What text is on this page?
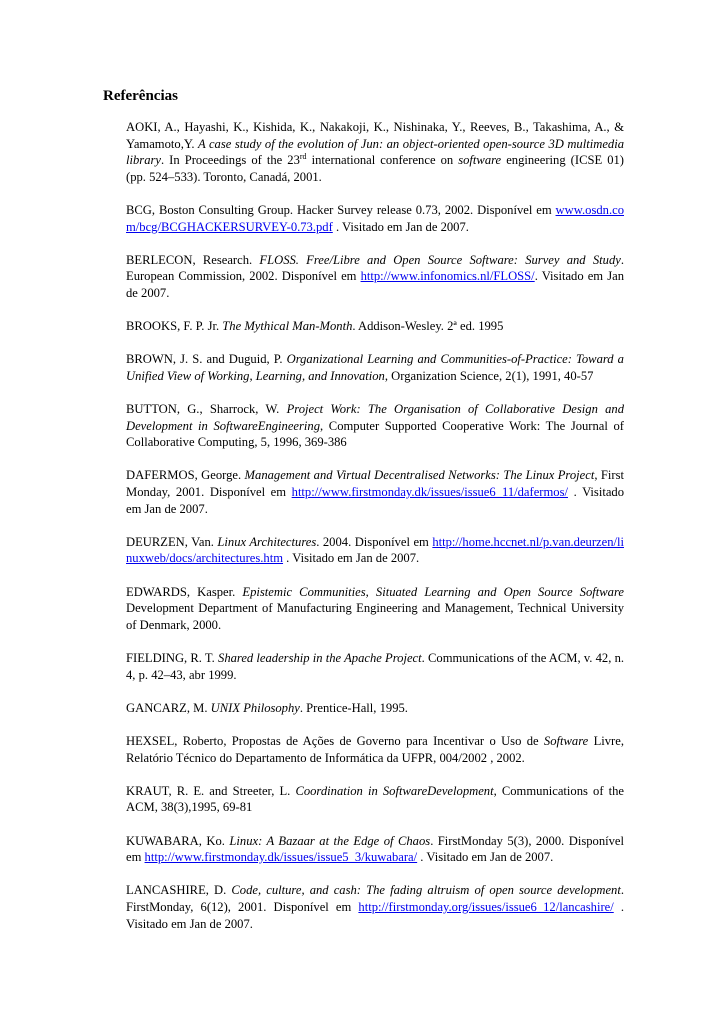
Referências

AOKI, A., Hayashi, K., Kishida, K., Nakakoji, K., Nishinaka, Y., Reeves, B., Takashima, A., & Yamamoto,Y. A case study of the evolution of Jun: an object-oriented open-source 3D multimedia library. In Proceedings of the 23rd international conference on software engineering (ICSE 01) (pp. 524–533). Toronto, Canadá, 2001.

BCG, Boston Consulting Group. Hacker Survey release 0.73, 2002. Disponível em www.osdn.com/bcg/BCGHACKERSURVEY-0.73.pdf . Visitado em Jan de 2007.

BERLECON, Research. FLOSS. Free/Libre and Open Source Software: Survey and Study. European Commission, 2002. Disponível em http://www.infonomics.nl/FLOSS/. Visitado em Jan de 2007.

BROOKS, F. P. Jr. The Mythical Man-Month. Addison-Wesley. 2ª ed. 1995

BROWN, J. S. and Duguid, P. Organizational Learning and Communities-of-Practice: Toward a Unified View of Working, Learning, and Innovation, Organization Science, 2(1), 1991, 40-57

BUTTON, G., Sharrock, W. Project Work: The Organisation of Collaborative Design and Development in SoftwareEngineering, Computer Supported Cooperative Work: The Journal of Collaborative Computing, 5, 1996, 369-386

DAFERMOS, George. Management and Virtual Decentralised Networks: The Linux Project, First Monday, 2001. Disponível em http://www.firstmonday.dk/issues/issue6_11/dafermos/ . Visitado em Jan de 2007.

DEURZEN, Van. Linux Architectures. 2004. Disponível em http://home.hccnet.nl/p.van.deurzen/linuxweb/docs/architectures.htm . Visitado em Jan de 2007.

EDWARDS, Kasper. Epistemic Communities, Situated Learning and Open Source Software Development Department of Manufacturing Engineering and Management, Technical University of Denmark, 2000.

FIELDING, R. T. Shared leadership in the Apache Project. Communications of the ACM, v. 42, n. 4, p. 42–43, abr 1999.

GANCARZ, M. UNIX Philosophy. Prentice-Hall, 1995.

HEXSEL, Roberto, Propostas de Ações de Governo para Incentivar o Uso de Software Livre, Relatório Técnico do Departamento de Informática da UFPR, 004/2002 , 2002.

KRAUT, R. E. and Streeter, L. Coordination in SoftwareDevelopment, Communications of the ACM, 38(3),1995, 69-81

KUWABARA, Ko. Linux: A Bazaar at the Edge of Chaos. FirstMonday 5(3), 2000. Disponível em http://www.firstmonday.dk/issues/issue5_3/kuwabara/ . Visitado em Jan de 2007.

LANCASHIRE, D. Code, culture, and cash: The fading altruism of open source development. FirstMonday, 6(12), 2001. Disponível em http://firstmonday.org/issues/issue6_12/lancashire/ . Visitado em Jan de 2007.
